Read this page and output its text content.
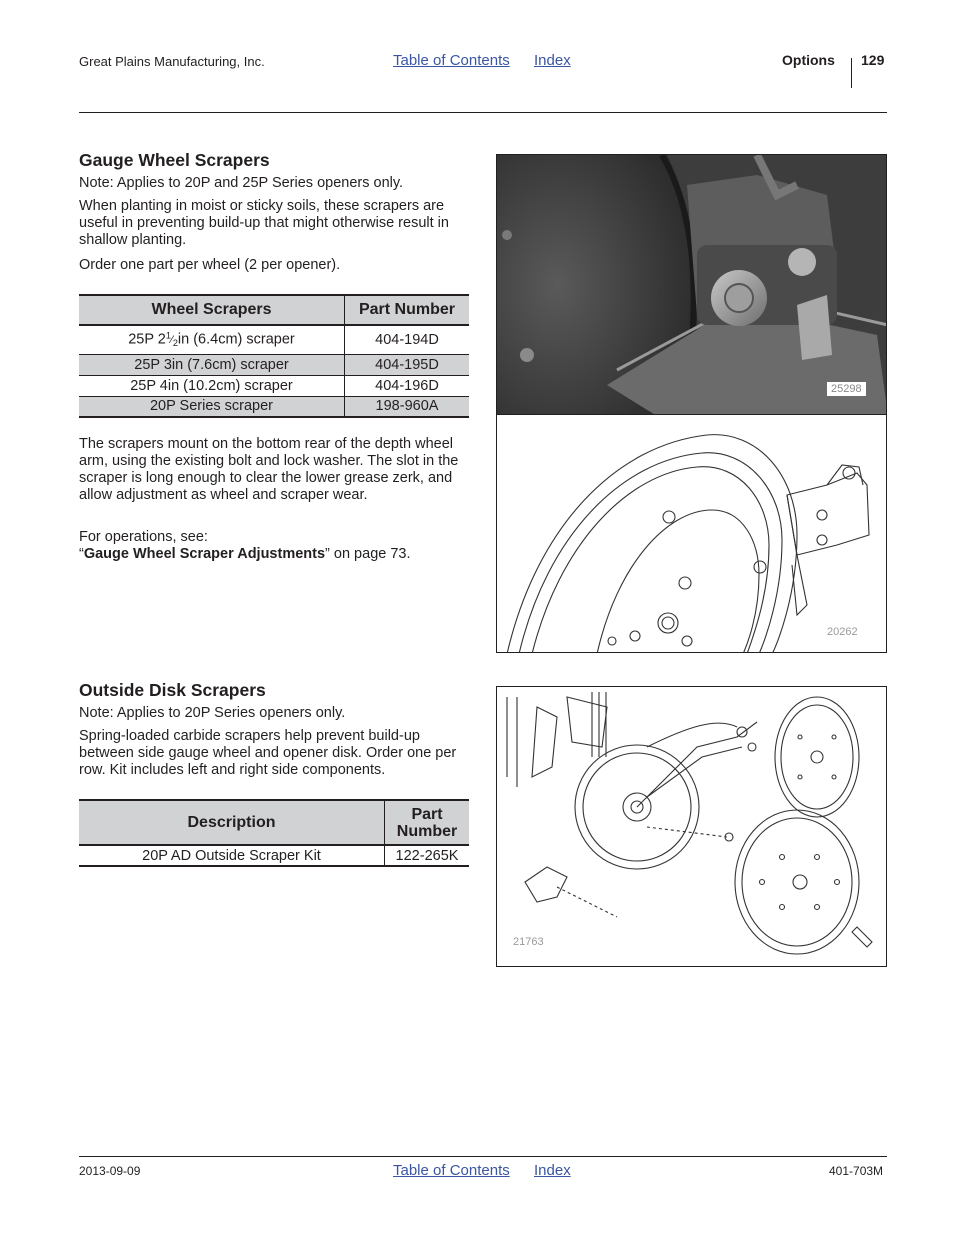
Great Plains Manufacturing, Inc.	Table of Contents Index	Options 129
Gauge Wheel Scrapers
Note: Applies to 20P and 25P Series openers only.
When planting in moist or sticky soils, these scrapers are useful in preventing build-up that might otherwise result in shallow planting.
Order one part per wheel (2 per opener).
Wheel Scrapers	Part Number
25P $2^1⁄_2in$ (6.4cm) scraper	404-194D
25P 3in (7.6cm) scraper	404-195D
25P 4in (10.2cm) scraper	404-196D
20P Series scraper	198-960A
The scrapers mount on the bottom rear of the depth wheel arm, using the existing bolt and lock washer. The slot in the scraper is long enough to clear the lower grease zerk, and allow adjustment as wheel and scraper wear.
For operations, see:
“Gauge Wheel Scraper Adjustments” on page 73.
25298
20262
Outside Disk Scrapers
Note: Applies to 20P Series openers only.
Spring-loaded carbide scrapers help prevent build-up between side gauge wheel and opener disk. Order one per row. Kit includes left and right side components.
Description	Part
Number
20P AD Outside Scraper Kit	122-265K
21763
2013-09-09	Table of Contents Index	401-703M
